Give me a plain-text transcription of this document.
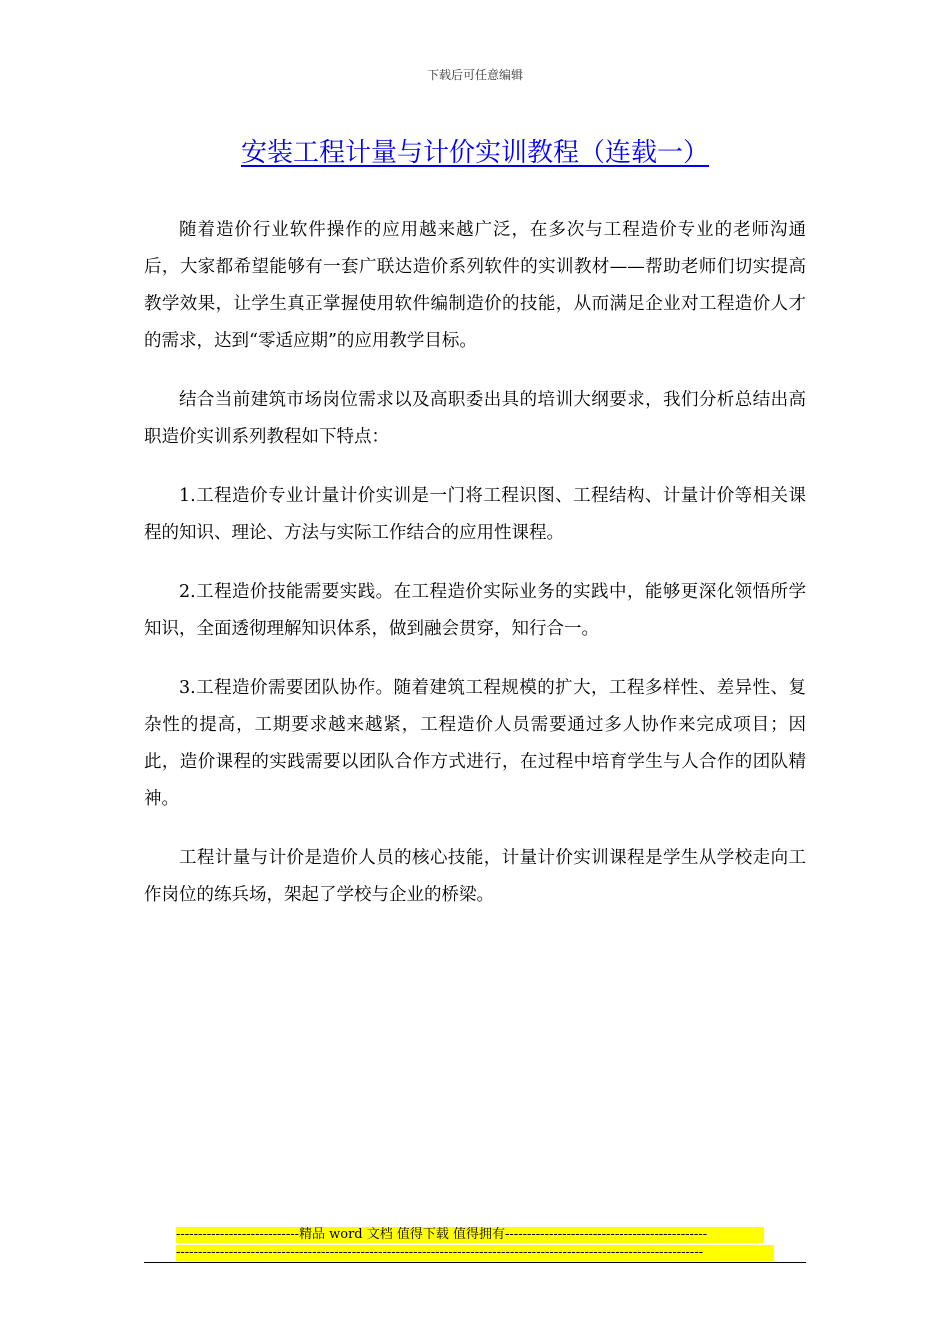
下载后可任意编辑
安装工程计量与计价实训教程（连载一）

随着造价行业软件操作的应用越来越广泛，在多次与工程造价专业的老师沟通后，大家都希望能够有一套广联达造价系列软件的实训教材——帮助老师们切实提高教学效果，让学生真正掌握使用软件编制造价的技能，从而满足企业对工程造价人才的需求，达到“零适应期”的应用教学目标。

结合当前建筑市场岗位需求以及高职委出具的培训大纲要求，我们分析总结出高职造价实训系列教程如下特点：

1.工程造价专业计量计价实训是一门将工程识图、工程结构、计量计价等相关课程的知识、理论、方法与实际工作结合的应用性课程。

2.工程造价技能需要实践。在工程造价实际业务的实践中，能够更深化领悟所学知识，全面透彻理解知识体系，做到融会贯穿，知行合一。

3.工程造价需要团队协作。随着建筑工程规模的扩大，工程多样性、差异性、复杂性的提高，工期要求越来越紧，工程造价人员需要通过多人协作来完成项目；因此，造价课程的实践需要以团队合作方式进行，在过程中培育学生与人合作的团队精神。

工程计量与计价是造价人员的核心技能，计量计价实训课程是学生从学校走向工作岗位的练兵场，架起了学校与企业的桥梁。

----------------------------精品 word 文档 值得下载 值得拥有----------------------------------------------
------------------------------------------------------------------------------------------------------------------------
